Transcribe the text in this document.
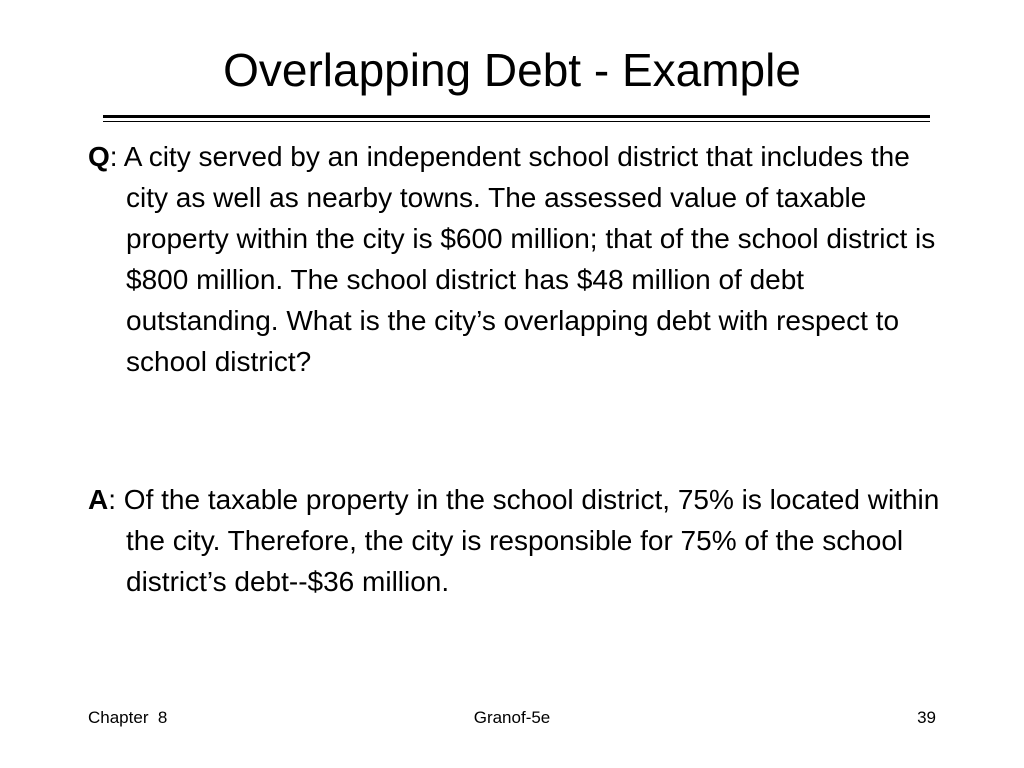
Overlapping Debt - Example
Q: A city served by an independent school district that includes the city as well as nearby towns. The assessed value of taxable property within the city is $600 million; that of the school district is $800 million. The school district has $48 million of debt outstanding. What is the city’s overlapping debt with respect to school district?
A: Of the taxable property in the school district, 75% is located within the city. Therefore, the city is responsible for 75% of the school district’s debt--$36 million.
Chapter  8	Granof-5e	39
